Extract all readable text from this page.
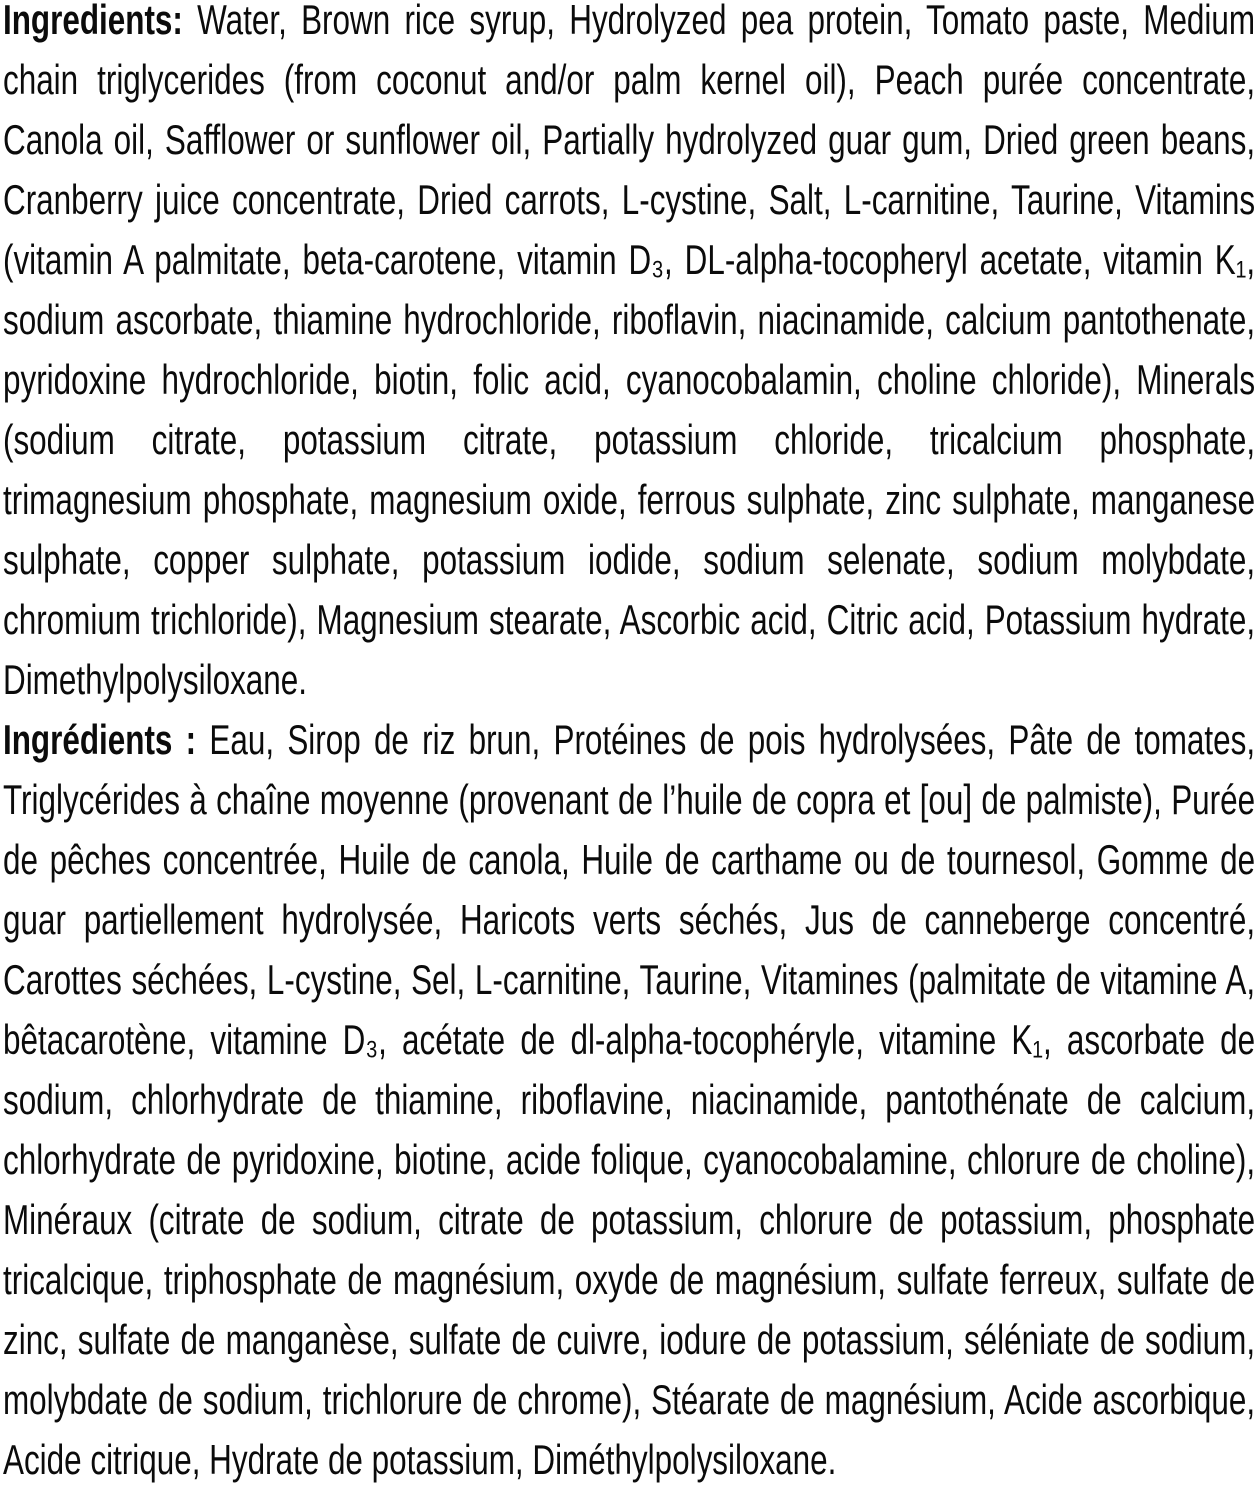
Ingredients: Water, Brown rice syrup, Hydrolyzed pea protein, Tomato paste, Medium chain triglycerides (from coconut and/or palm kernel oil), Peach purée concentrate, Canola oil, Safflower or sunflower oil, Partially hydrolyzed guar gum, Dried green beans, Cranberry juice concentrate, Dried carrots, L-cystine, Salt, L-carnitine, Taurine, Vitamins (vitamin A palmitate, beta-carotene, vitamin D₃, DL-alpha-tocopheryl acetate, vitamin K₁, sodium ascorbate, thiamine hydrochloride, riboflavin, niacinamide, calcium pantothenate, pyridoxine hydrochloride, biotin, folic acid, cyanocobalamin, choline chloride), Minerals (sodium citrate, potassium citrate, potassium chloride, tricalcium phosphate, trimagnesium phosphate, magnesium oxide, ferrous sulphate, zinc sulphate, manganese sulphate, copper sulphate, potassium iodide, sodium selenate, sodium molybdate, chromium trichloride), Magnesium stearate, Ascorbic acid, Citric acid, Potassium hydrate, Dimethylpolysiloxane.

Ingrédients : Eau, Sirop de riz brun, Protéines de pois hydrolysées, Pâte de tomates, Triglycérides à chaîne moyenne (provenant de l’huile de copra et [ou] de palmiste), Purée de pêches concentrée, Huile de canola, Huile de carthame ou de tournesol, Gomme de guar partiellement hydrolysée, Haricots verts séchés, Jus de canneberge concentré, Carottes séchées, L-cystine, Sel, L-carnitine, Taurine, Vitamines (palmitate de vitamine A, bêtacarotène, vitamine D₃, acétate de dl-alpha-tocophéryle, vitamine K₁, ascorbate de sodium, chlorhydrate de thiamine, riboflavine, niacinamide, pantothénate de calcium, chlorhydrate de pyridoxine, biotine, acide folique, cyanocobalamine, chlorure de choline), Minéraux (citrate de sodium, citrate de potassium, chlorure de potassium, phosphate tricalcique, triphosphate de magnésium, oxyde de magnésium, sulfate ferreux, sulfate de zinc, sulfate de manganèse, sulfate de cuivre, iodure de potassium, séléniate de sodium, molybdate de sodium, trichlorure de chrome), Stéarate de magnésium, Acide ascorbique, Acide citrique, Hydrate de potassium, Diméthylpolysiloxane.
